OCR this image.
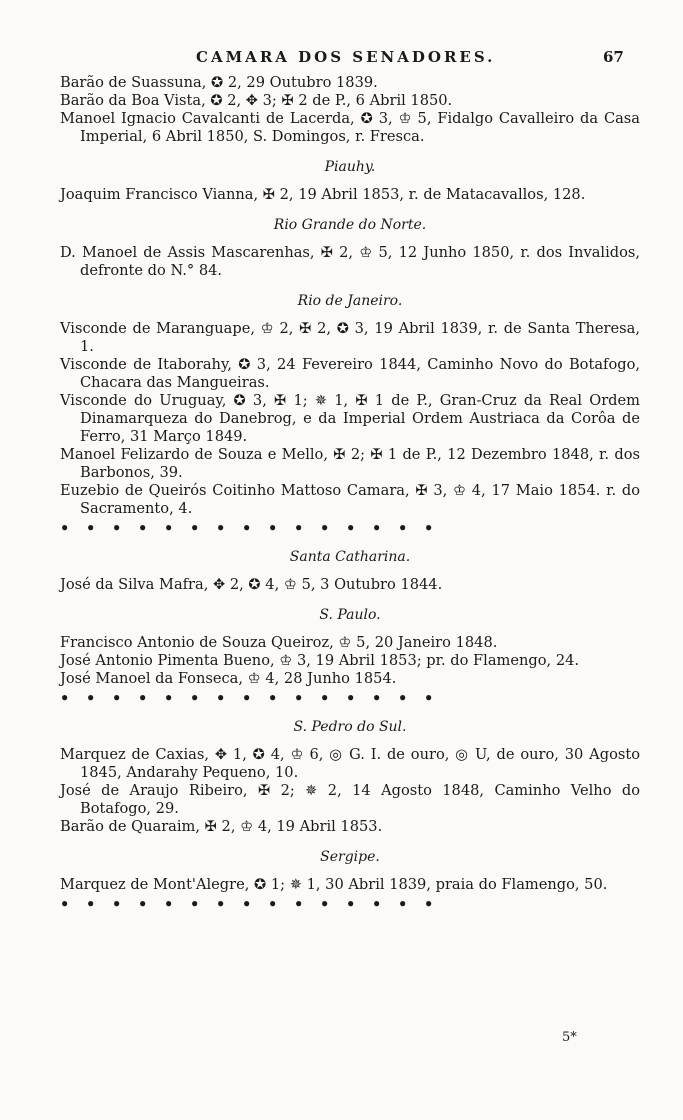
CAMARA DOS SENADORES.	67

Barão de Suassuna, ✪ 2, 29 Outubro 1839.

Barão da Boa Vista, ✪ 2, ✥ 3; ✠ 2 de P., 6 Abril 1850.

Manoel Ignacio Cavalcanti de Lacerda, ✪ 3, ♔ 5, Fidalgo Cavalleiro da Casa Imperial, 6 Abril 1850, S. Domingos, r. Fresca.

Piauhy.

Joaquim Francisco Vianna, ✠ 2, 19 Abril 1853, r. de Matacavallos, 128.

Rio Grande do Norte.

D. Manoel de Assis Mascarenhas, ✠ 2, ♔ 5, 12 Junho 1850, r. dos Invalidos, defronte do N.° 84.

Rio de Janeiro.

Visconde de Maranguape, ♔ 2, ✠ 2, ✪ 3, 19 Abril 1839, r. de Santa Theresa, 1.

Visconde de Itaborahy, ✪ 3, 24 Fevereiro 1844, Caminho Novo do Botafogo, Chacara das Mangueiras.

Visconde do Uruguay, ✪ 3, ✠ 1; ✵ 1, ✠ 1 de P., Gran-Cruz da Real Ordem Dinamarqueza do Danebrog, e da Imperial Ordem Austriaca da Corôa de Ferro, 31 Março 1849.

Manoel Felizardo de Souza e Mello, ✠ 2; ✠ 1 de P., 12 Dezembro 1848, r. dos Barbonos, 39.

Euzebio de Queirós Coitinho Mattoso Camara, ✠ 3, ♔ 4, 17 Maio 1854. r. do Sacramento, 4.

• • • • • • • • • • • • • • •
Santa Catharina.

José da Silva Mafra, ✥ 2, ✪ 4, ♔ 5, 3 Outubro 1844.

S. Paulo.

Francisco Antonio de Souza Queiroz, ♔ 5, 20 Janeiro 1848.

José Antonio Pimenta Bueno, ♔ 3, 19 Abril 1853; pr. do Flamengo, 24.

José Manoel da Fonseca, ♔ 4, 28 Junho 1854.

• • • • • • • • • • • • • • •
S. Pedro do Sul.

Marquez de Caxias, ✥ 1, ✪ 4, ♔ 6, ◎ G. I. de ouro, ◎ U, de ouro, 30 Agosto 1845, Andarahy Pequeno, 10.

José de Araujo Ribeiro, ✠ 2; ✵ 2, 14 Agosto 1848, Caminho Velho do Botafogo, 29.

Barão de Quaraim, ✠ 2, ♔ 4, 19 Abril 1853.

Sergipe.

Marquez de Mont'Alegre, ✪ 1; ✵ 1, 30 Abril 1839, praia do Flamengo, 50.

• • • • • • • • • • • • • • •
5*
